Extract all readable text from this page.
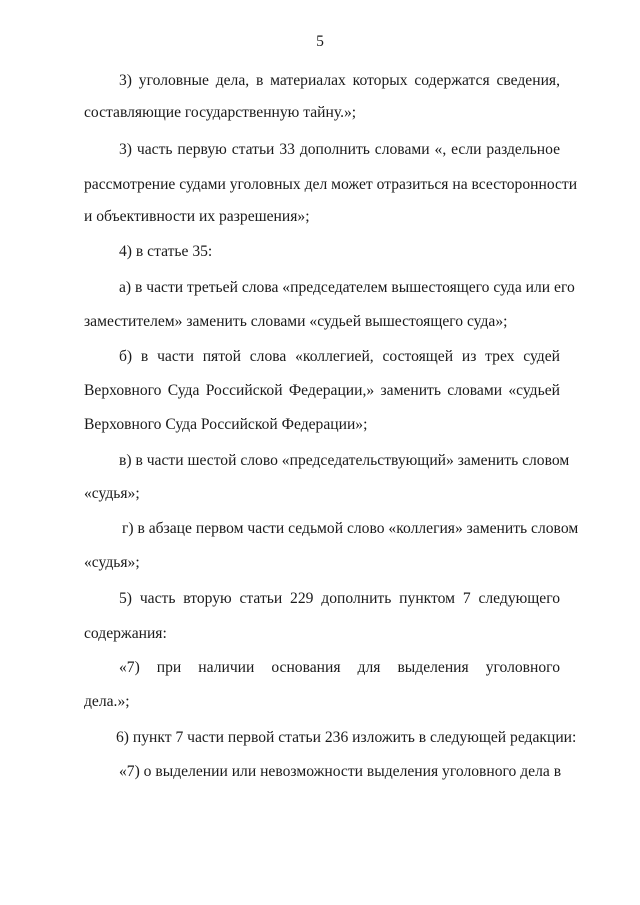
5
3) уголовные дела, в материалах которых содержатся сведения,
составляющие государственную тайну.»;
3) часть первую статьи 33 дополнить словами «, если раздельное
рассмотрение судами уголовных дел может отразиться на всесторонности
и объективности их разрешения»;
4) в статье 35:
а) в части третьей слова «председателем вышестоящего суда или его
заместителем» заменить словами «судьей вышестоящего суда»;
б) в части пятой слова «коллегией, состоящей из трех судей
Верховного Суда Российской Федерации,» заменить словами «судьей
Верховного Суда Российской Федерации»;
в) в части шестой слово «председательствующий» заменить словом
«судья»;
г) в абзаце первом части седьмой слово «коллегия» заменить словом
«судья»;
5) часть вторую статьи 229 дополнить пунктом 7 следующего
содержания:
«7) при наличии основания для выделения уголовного
дела.»;
6) пункт 7 части первой статьи 236 изложить в следующей редакции:
«7) о выделении или невозможности выделения уголовного дела в
